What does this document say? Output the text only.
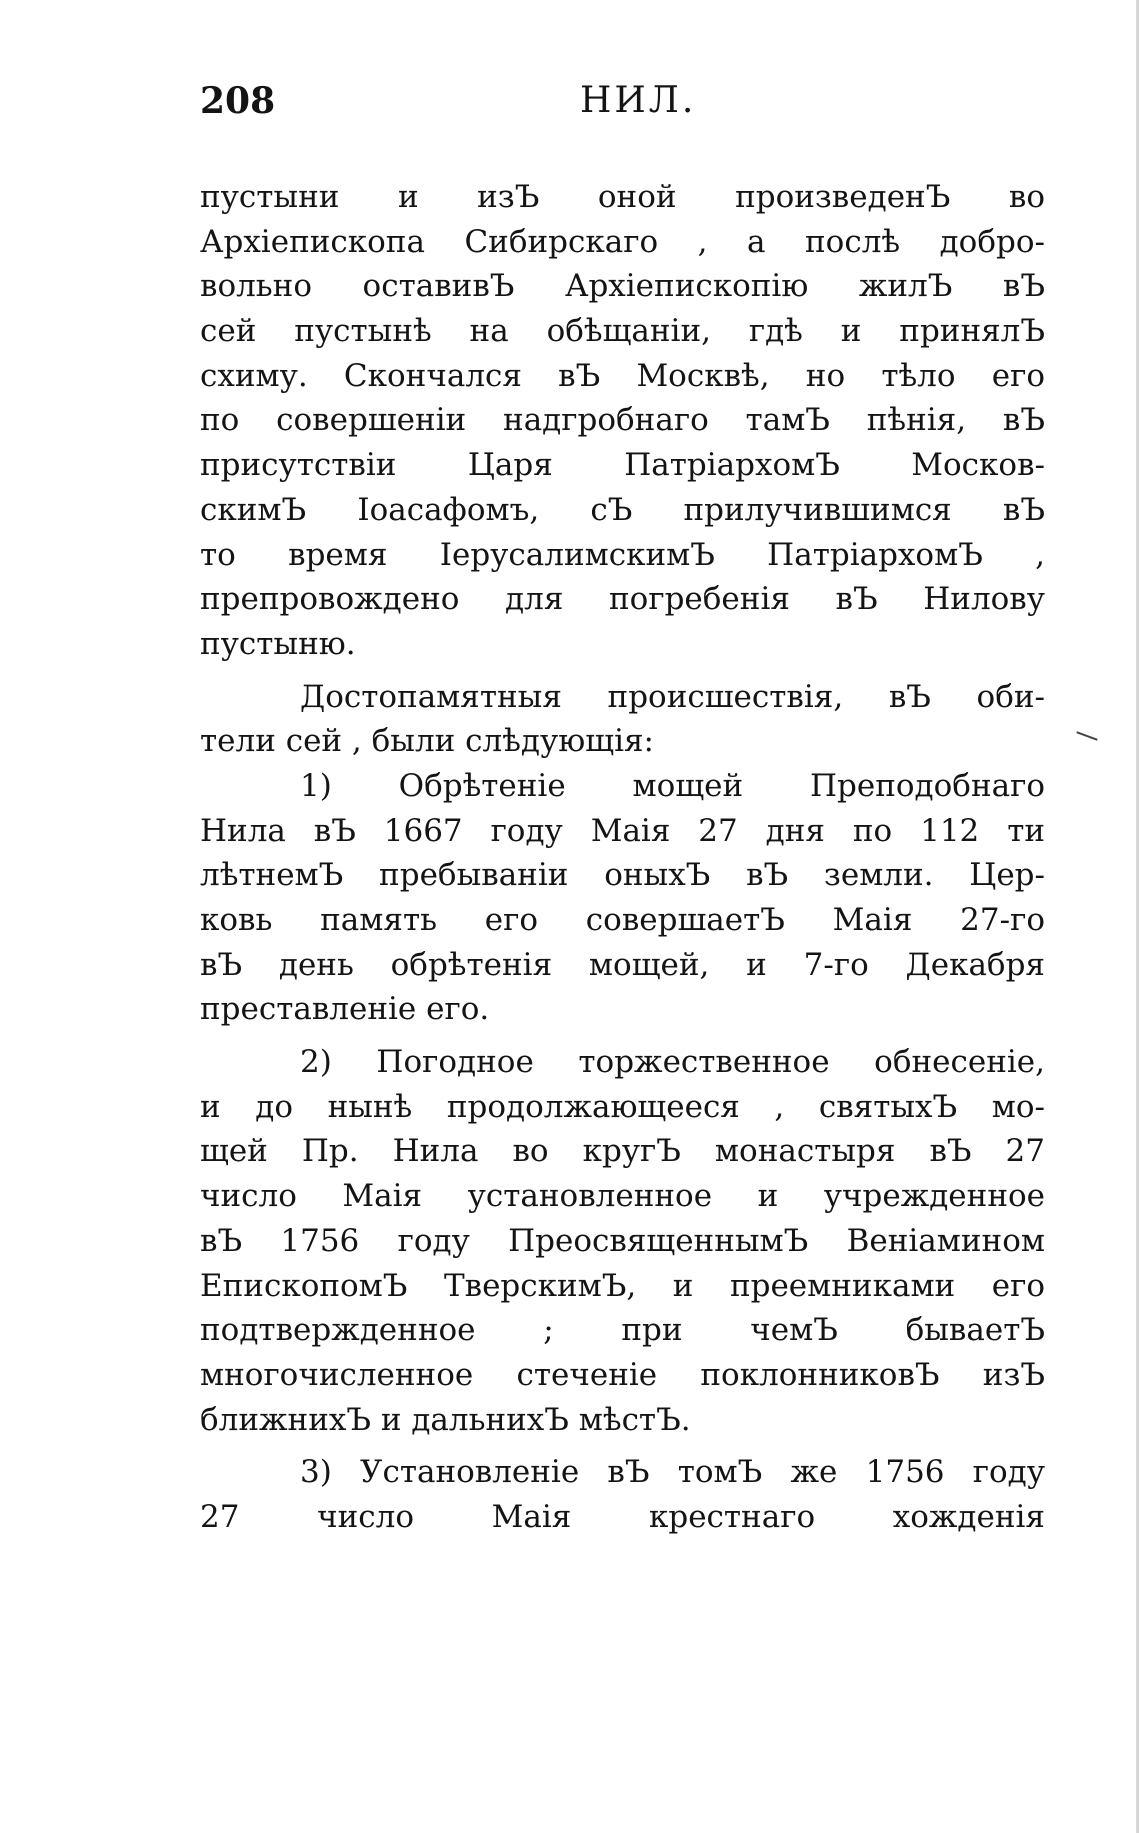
208	НИЛ.
пустыни и изЪ оной произведенЪ во
Архiепископа Сибирскаго , а послѣ добро-
вольно оставивЪ Архiепископiю жилЪ вЪ
сей пустынѣ на обѣщанiи, гдѣ и принялЪ
схиму. Скончался вЪ Москвѣ, но тѣло его
по совершенiи надгробнаго тамЪ пѣнiя, вЪ
присутствiи Царя ПатрiархомЪ Москов-
скимЪ Iоасафомъ, сЪ прилучившимся вЪ
то время IерусалимскимЪ ПатрiархомЪ ,
препровождено для погребенiя вЪ Нилову
пустыню.
Достопамятныя происшествiя, вЪ оби-
тели сей , были слѣдующiя:
1) Обрѣтенiе мощей Преподобнаго
Нила вЪ 1667 году Маiя 27 дня по 112 ти
лѣтнемЪ пребыванiи оныхЪ вЪ земли. Цер-
ковь память его совершаетЪ Маiя 27-го
вЪ день обрѣтенiя мощей, и 7-го Декабря
преставленiе его.
2) Погодное торжественное обнесенiе,
и до нынѣ продолжающееся , святыхЪ мо-
щей Пр. Нила во кругЪ монастыря вЪ 27
число Маiя установленное и учрежденное
вЪ 1756 году ПреосвященнымЪ Венiамином
ЕпископомЪ ТверскимЪ, и преемниками его
подтвержденное ; при чемЪ бываетЪ
многочисленное стеченiе поклонниковЪ изЪ
ближнихЪ и дальнихЪ мѣстЪ.
3) Установленiе вЪ томЪ же 1756 году
27 число Маiя крестнаго хожденiя
